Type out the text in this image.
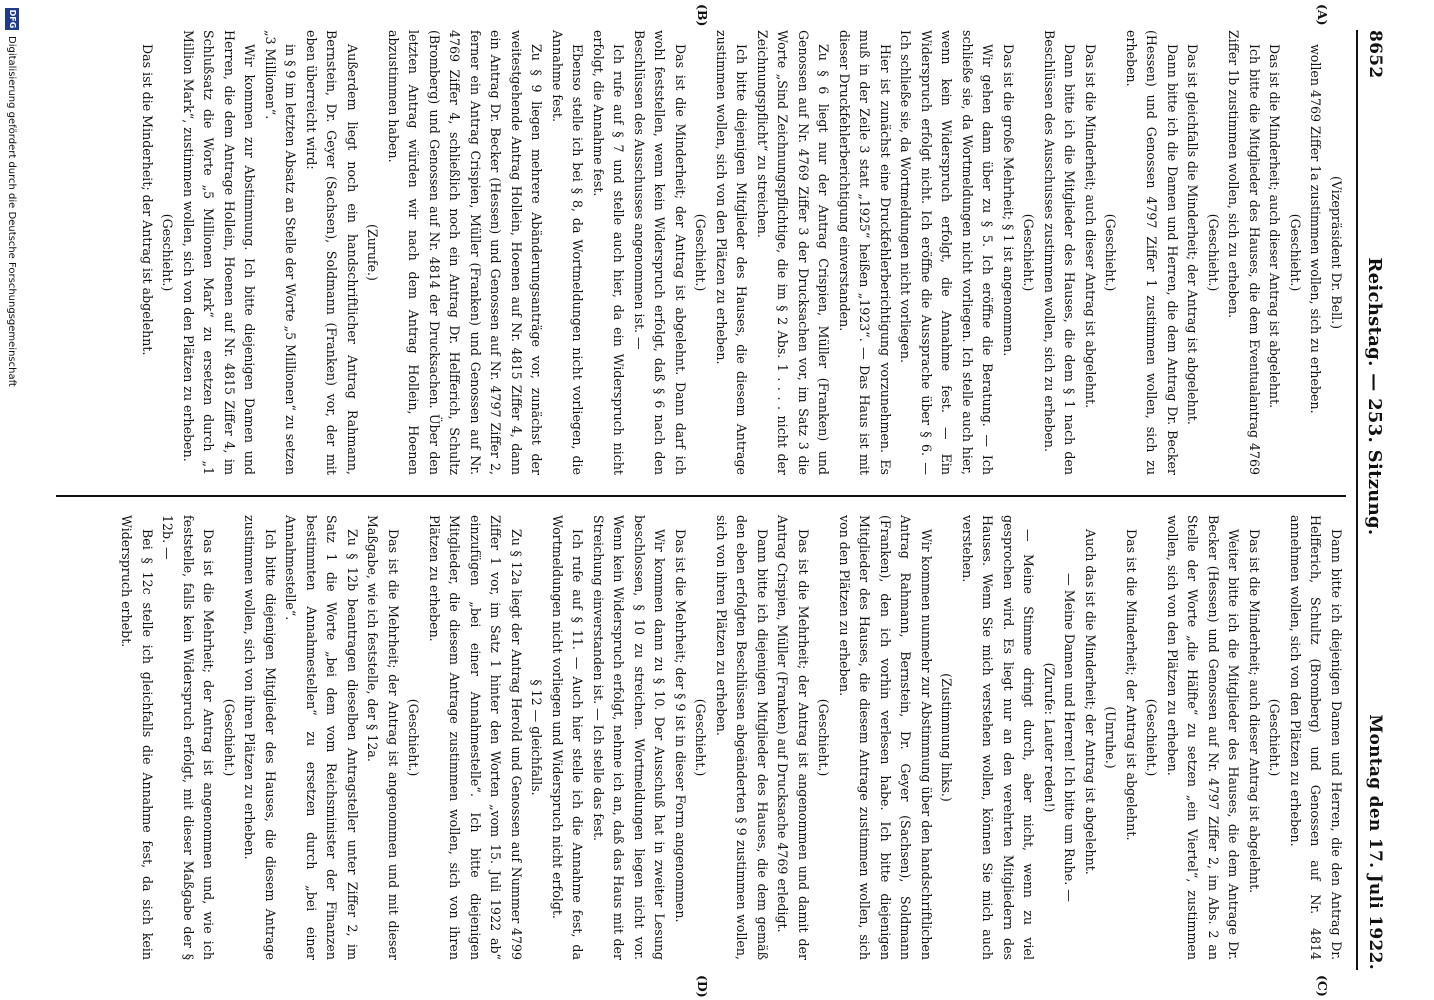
8652
Reichstag. — 253. Sitzung.
Montag den 17. Juli 1922.

(Vizepräsident Dr. Bell.)

wollen 4769 Ziffer 1a zustimmen wollen, sich zu erheben.

(Geschieht.)

Das ist die Minderheit; auch dieser Antrag ist abgelehnt.

Ich bitte die Mitglieder des Hauses, die dem Eventualantrag 4769 Ziffer 1b zustimmen wollen, sich zu erheben.

(Geschieht.)

Das ist gleichfalls die Minderheit; der Antrag ist abgelehnt.

Dann bitte ich die Damen und Herren, die dem Antrag Dr. Becker (Hessen) und Genossen 4797 Ziffer 1 zustimmen wollen, sich zu erheben.

(Geschieht.)

Das ist die Minderheit; auch dieser Antrag ist abgelehnt.

Dann bitte ich die Mitglieder des Hauses, die dem § 1 nach den Beschlüssen des Ausschusses zustimmen wollen, sich zu erheben.

(Geschieht.)

Das ist die große Mehrheit; § 1 ist angenommen.

Wir gehen dann über zu § 5. Ich eröffne die Beratung. — Ich schließe sie, da Wortmeldungen nicht vorliegen. Ich stelle auch hier, wenn kein Widerspruch erfolgt, die Annahme fest. — Ein Widerspruch erfolgt nicht. Ich eröffne die Aussprache über § 6. — Ich schließe sie, da Wortmeldungen nicht vorliegen.

Hier ist zunächst eine Druckfehlerberichtigung vorzunehmen. Es muß in der Zeile 3 statt „1925“ heißen „1923“. — Das Haus ist mit dieser Druckfehlerberichtigung einverstanden.

Zu § 6 liegt nur der Antrag Crispien, Müller (Franken) und Genossen auf Nr. 4769 Ziffer 3 der Drucksachen vor, im Satz 3 die Worte „Sind Zeichnungspflichtige, die im § 2 Abs. 1 . . . . nicht der Zeichnungspflicht“ zu streichen.

Ich bitte diejenigen Mitglieder des Hauses, die diesem Antrage zustimmen wollen, sich von den Plätzen zu erheben.

(Geschieht.)

Das ist die Minderheit; der Antrag ist abgelehnt. Dann darf ich wohl feststellen, wenn kein Widerspruch erfolgt, daß § 6 nach den Beschlüssen des Ausschusses angenommen ist. —

Ich rufe auf § 7 und stelle auch hier, da ein Widerspruch nicht erfolgt, die Annahme fest.

Ebenso stelle ich bei § 8, da Wortmeldungen nicht vorliegen, die Annahme fest.

Zu § 9 liegen mehrere Abänderungsanträge vor, zunächst der weitestgehende Antrag Hollein, Hoenen auf Nr. 4815 Ziffer 4, dann ein Antrag Dr. Becker (Hessen) und Genossen auf Nr. 4797 Ziffer 2, ferner ein Antrag Crispien, Müller (Franken) und Genossen auf Nr. 4769 Ziffer 4, schließlich noch ein Antrag Dr. Helfferich, Schultz (Bromberg) und Genossen auf Nr. 4814 der Drucksachen. Über den letzten Antrag würden wir nach dem Antrag Hollein, Hoenen abzustimmen haben.

(Zurufe.)

Außerdem liegt noch ein handschriftlicher Antrag Rahmann, Bernstein, Dr. Geyer (Sachsen), Soldmann (Franken) vor, der mit eben überreicht wird:

in § 9 im letzten Absatz an Stelle der Worte „5 Millionen“ zu setzen „3 Millionen“.

Wir kommen zur Abstimmung. Ich bitte diejenigen Damen und Herren, die dem Antrage Hollein, Hoenen auf Nr. 4815 Ziffer 4, im Schlußsatz die Worte „5 Millionen Mark“ zu ersetzen durch „1 Million Mark“, zustimmen wollen, sich von den Plätzen zu erheben.

(Geschieht.)

Das ist die Minderheit; der Antrag ist abgelehnt.

Dann bitte ich diejenigen Damen und Herren, die den Antrag Dr. Helfferich, Schultz (Bromberg) und Genossen auf Nr. 4814 annehmen wollen, sich von den Plätzen zu erheben.

(Geschieht.)

Das ist die Minderheit; auch dieser Antrag ist abgelehnt.

Weiter bitte ich die Mitglieder des Hauses, die dem Antrage Dr. Becker (Hessen) und Genossen auf Nr. 4797 Ziffer 2, im Abs. 2 an Stelle der Worte „die Hälfte“ zu setzen „ein Viertel“, zustimmen wollen, sich von den Plätzen zu erheben.

(Geschieht.)

Das ist die Minderheit; der Antrag ist abgelehnt.

(Unruhe.)

Auch das ist die Minderheit; der Antrag ist abgelehnt.

— Meine Damen und Herren! Ich bitte um Ruhe. —

(Zurufe: Lauter reden!)

— Meine Stimme dringt durch, aber nicht, wenn zu viel gesprochen wird. Es liegt nur an den verehrten Mitgliedern des Hauses. Wenn Sie mich verstehen wollen, können Sie mich auch verstehen.

(Zustimmung links.)

Wir kommen nunmehr zur Abstimmung über den handschriftlichen Antrag Rahmann, Bernstein, Dr. Geyer (Sachsen), Soldmann (Franken), den ich vorhin verlesen habe. Ich bitte diejenigen Mitglieder des Hauses, die diesem Antrage zustimmen wollen, sich von den Plätzen zu erheben.

(Geschieht.)

Das ist die Mehrheit; der Antrag ist angenommen und damit der Antrag Crispien, Müller (Franken) auf Drucksache 4769 erledigt.

Dann bitte ich diejenigen Mitglieder des Hauses, die dem gemäß den eben erfolgten Beschlüssen abgeänderten § 9 zustimmen wollen, sich von ihren Plätzen zu erheben.

(Geschieht.)

Das ist die Mehrheit; der § 9 ist in dieser Form angenommen.

Wir kommen dann zu § 10. Der Ausschuß hat in zweiter Lesung beschlossen, § 10 zu streichen. Wortmeldungen liegen nicht vor. Wenn kein Widerspruch erfolgt, nehme ich an, daß das Haus mit der Streichung einverstanden ist. — Ich stelle das fest.

Ich rufe auf § 11. — Auch hier stelle ich die Annahme fest, da Wortmeldungen nicht vorliegen und Widerspruch nicht erfolgt.

§ 12 — gleichfalls.

Zu § 12a liegt der Antrag Herold und Genossen auf Nummer 4799 Ziffer 1 vor, im Satz 1 hinter den Worten „vom 15. Juli 1922 ab“ einzufügen „bei einer Annahmestelle“. Ich bitte diejenigen Mitglieder, die diesem Antrage zustimmen wollen, sich von ihren Plätzen zu erheben.

(Geschieht.)

Das ist die Mehrheit; der Antrag ist angenommen und mit dieser Maßgabe, wie ich feststelle, der § 12a.

Zu § 12b beantragen dieselben Antragsteller unter Ziffer 2, im Satz 1 die Worte „bei dem vom Reichsminister der Finanzen bestimmten Annahmestellen“ zu ersetzen durch „bei einer Annahmestelle“.

Ich bitte diejenigen Mitglieder des Hauses, die diesem Antrage zustimmen wollen, sich von ihren Plätzen zu erheben.

(Geschieht.)

Das ist die Mehrheit; der Antrag ist angenommen und, wie ich feststelle, falls kein Widerspruch erfolgt, mit dieser Maßgabe der § 12b. —

Bei § 12c stelle ich gleichfalls die Annahme fest, da sich kein Widerspruch erhebt.

(A)
(B)
(C)
(D)
DFG
Digitalisierung gefördert durch die Deutsche Forschungsgemeinschaft
